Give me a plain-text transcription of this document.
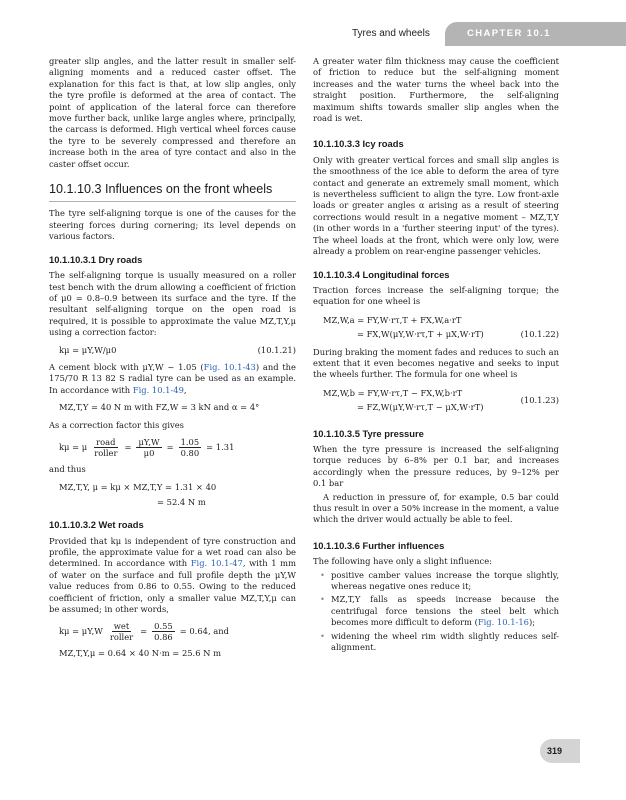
Tyres and wheels	CHAPTER 10.1

greater slip angles, and the latter result in smaller self-aligning moments and a reduced caster offset. The explanation for this fact is that, at low slip angles, only the tyre profile is deformed at the area of contact. The point of application of the lateral force can therefore move further back, unlike large angles where, principally, the carcass is deformed. High vertical wheel forces cause the tyre to be severely compressed and therefore an increase both in the area of tyre contact and also in the caster offset occur.

10.1.10.3 Influences on the front wheels

The tyre self-aligning torque is one of the causes for the steering forces during cornering; its level depends on various factors.

10.1.10.3.1 Dry roads

The self-aligning torque is usually measured on a roller test bench with the drum allowing a coefficient of friction of μ0 = 0.8–0.9 between its surface and the tyre. If the resultant self-aligning torque on the open road is required, it is possible to approximate the value MZ,T,Y,μ using a correction factor:

kμ = μY,W/μ0	(10.1.21)

A cement block with μY,W ~ 1.05 (Fig. 10.1-43) and the 175/70 R 13 82 S radial tyre can be used as an example. In accordance with Fig. 10.1-49,

MZ,T,Y = 40 N m with FZ,W = 3 kN and α = 4°

As a correction factor this gives

kμ = μ $\frac{\text{road}}{\text{roller}} = \frac{\mu Y,W}{\mu 0} = \frac{1.05}{0.80} = 1.31$

and thus

MZ,T,Y, μ = kμ × MZ,T,Y = 1.31 × 40
= 52.4 N m
10.1.10.3.2 Wet roads

Provided that kμ is independent of tyre construction and profile, the approximate value for a wet road can also be determined. In accordance with Fig. 10.1-47, with 1 mm of water on the surface and full profile depth the μY,W value reduces from 0.86 to 0.55. Owing to the reduced coefficient of friction, only a smaller value MZ,T,Y,μ can be assumed; in other words,

$k\mu = \mu Y,W \frac{\text{wet}}{\text{roller}} = \frac{0.55}{0.86} = 0.64$, and
MZ,T,Y,μ = 0.64 × 40 N·m = 25.6 N m

A greater water film thickness may cause the coefficient of friction to reduce but the self-aligning moment increases and the water turns the wheel back into the straight position. Furthermore, the self-aligning maximum shifts towards smaller slip angles when the road is wet.

10.1.10.3.3 Icy roads

Only with greater vertical forces and small slip angles is the smoothness of the ice able to deform the area of tyre contact and generate an extremely small moment, which is nevertheless sufficient to align the tyre. Low front-axle loads or greater angles α arising as a result of steering corrections would result in a negative moment – MZ,T,Y (in other words in a 'further steering input' of the tyres). The wheel loads at the front, which were only low, were already a problem on rear-engine passenger vehicles.

10.1.10.3.4 Longitudinal forces

Traction forces increase the self-aligning torque; the equation for one wheel is

MZ,W,a = FY,W·rτ,T + FX,W,a·rT
= FX,W(μY,W·rτ,T + μX,W·rT)	(10.1.22)

During braking the moment fades and reduces to such an extent that it even becomes negative and seeks to input the wheels further. The formula for one wheel is

MZ,W,b = FY,W·rτ,T − FX,W,b·rT
= FZ,W(μY,W·rτ,T − μX,W·rT)
(10.1.23)
10.1.10.3.5 Tyre pressure

When the tyre pressure is increased the self-aligning torque reduces by 6–8% per 0.1 bar, and increases accordingly when the pressure reduces, by 9–12% per 0.1 bar

A reduction in pressure of, for example, 0.5 bar could thus result in over a 50% increase in the moment, a value which the driver would actually be able to feel.

10.1.10.3.6 Further influences

The following have only a slight influence:

• positive camber values increase the torque slightly, whereas negative ones reduce it;
• MZ,T,Y falls as speeds increase because the centrifugal force tensions the steel belt which becomes more difficult to deform (Fig. 10.1-16);
• widening the wheel rim width slightly reduces self-alignment.
319
